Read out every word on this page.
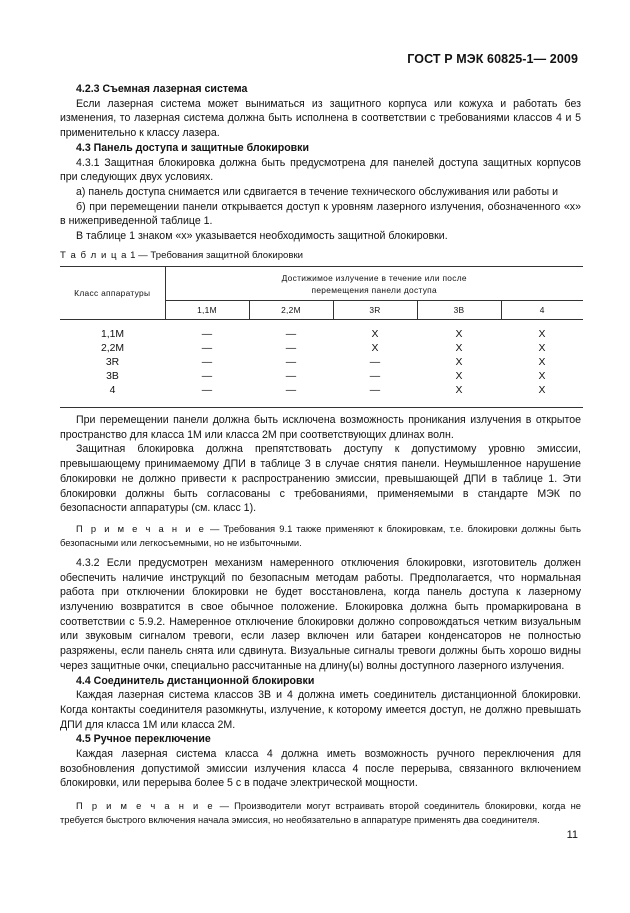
ГОСТ Р МЭК 60825-1— 2009

4.2.3 Съемная лазерная система

Если лазерная система может выниматься из защитного корпуса или кожуха и работать без изменения, то лазерная система должна быть исполнена в соответствии с требованиями классов 4 и 5 применительно к классу лазера.

4.3 Панель доступа и защитные блокировки

4.3.1 Защитная блокировка должна быть предусмотрена для панелей доступа защитных корпусов при следующих двух условиях.

а) панель доступа снимается или сдвигается в течение технического обслуживания или работы и

б) при перемещении панели открывается доступ к уровням лазерного излучения, обозначенного «х» в нижеприведенной таблице 1.

В таблице 1 знаком «х» указывается необходимость защитной блокировки.

Т а б л и ц а 1 — Требования защитной блокировки
Класс аппаратуры	Достижимое излучение в течение или после перемещения панели доступа				

	1,1М	2,2М	3R	3В	4
1,1М	—	—	X	X	X
2,2М	—	—	X	X	X
3R	—	—	—	X	X
3В	—	—	—	X	X
4	—	—	—	X	X

При перемещении панели должна быть исключена возможность проникания излучения в открытое пространство для класса 1М или класса 2М при соответствующих длинах волн.

Защитная блокировка должна препятствовать доступу к допустимому уровню эмиссии, превышающему принимаемому ДПИ в таблице 3 в случае снятия панели. Неумышленное нарушение блокировки не должно привести к распространению эмиссии, превышающей ДПИ в таблице 1. Эти блокировки должны быть согласованы с требованиями, применяемыми в стандарте МЭК по безопасности аппаратуры (см. класс 1).

П р и м е ч а н и е — Требования 9.1 также применяют к блокировкам, т.е. блокировки должны быть безопасными или легкосъемными, но не избыточными.

4.3.2 Если предусмотрен механизм намеренного отключения блокировки, изготовитель должен обеспечить наличие инструкций по безопасным методам работы. Предполагается, что нормальная работа при отключении блокировки не будет восстановлена, когда панель доступа к лазерному излучению возвратится в свое обычное положение. Блокировка должна быть промаркирована в соответствии с 5.9.2. Намеренное отключение блокировки должно сопровождаться четким визуальным или звуковым сигналом тревоги, если лазер включен или батареи конденсаторов не полностью разряжены, если панель снята или сдвинута. Визуальные сигналы тревоги должны быть хорошо видны через защитные очки, специально рассчитанные на длину(ы) волны доступного лазерного излучения.

4.4 Соединитель дистанционной блокировки

Каждая лазерная система классов 3В и 4 должна иметь соединитель дистанционной блокировки. Когда контакты соединителя разомкнуты, излучение, к которому имеется доступ, не должно превышать ДПИ для класса 1М или класса 2М.

4.5 Ручное переключение

Каждая лазерная система класса 4 должна иметь возможность ручного переключения для возобновления допустимой эмиссии излучения класса 4 после перерыва, связанного включением блокировки, или перерыва более 5 с в подаче электрической мощности.

П р и м е ч а н и е — Производители могут встраивать второй соединитель блокировки, когда не требуется быстрого включения начала эмиссия, но необязательно в аппаратуре применять два соединителя.

11
